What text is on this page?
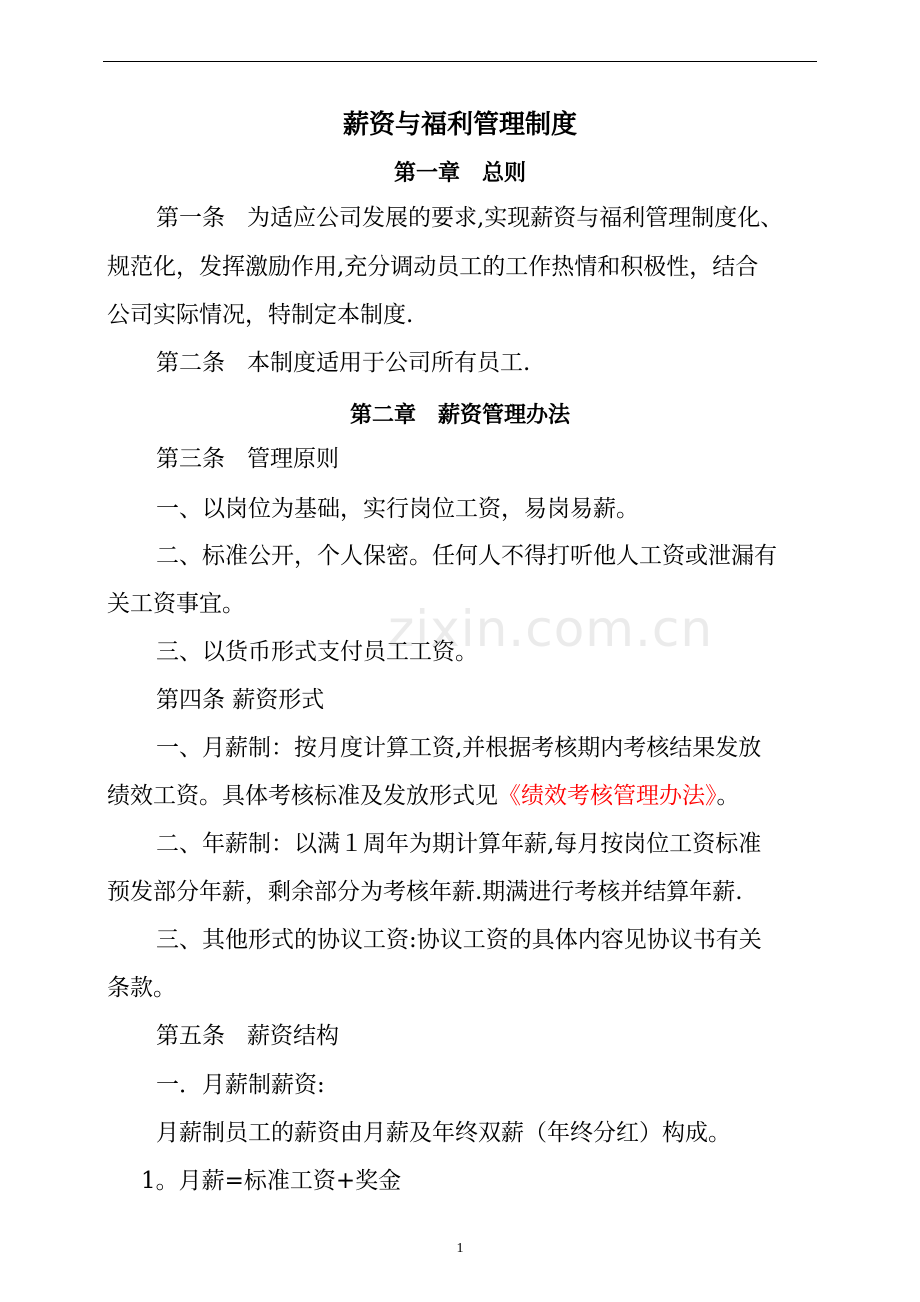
zixin.com.cn
薪资与福利管理制度
第一章　总则
第一条 为适应公司发展的要求,实现薪资与福利管理制度化、
规范化，发挥激励作用,充分调动员工的工作热情和积极性，结合
公司实际情况，特制定本制度.
第二条 本制度适用于公司所有员工.
第二章　薪资管理办法
第三条 管理原则
一、以岗位为基础，实行岗位工资，易岗易薪。
二、标准公开，个人保密。任何人不得打听他人工资或泄漏有
关工资事宜。
三、以货币形式支付员工工资。
第四条 薪资形式
一、月薪制：按月度计算工资,并根据考核期内考核结果发放
绩效工资。具体考核标准及发放形式见《绩效考核管理办法》。
二、年薪制：以满１周年为期计算年薪,每月按岗位工资标准
预发部分年薪，剩余部分为考核年薪.期满进行考核并结算年薪.
三、其他形式的协议工资:协议工资的具体内容见协议书有关
条款。
第五条 薪资结构
一．月薪制薪资:
月薪制员工的薪资由月薪及年终双薪（年终分红）构成。
1。月薪=标准工资+奖金
1
